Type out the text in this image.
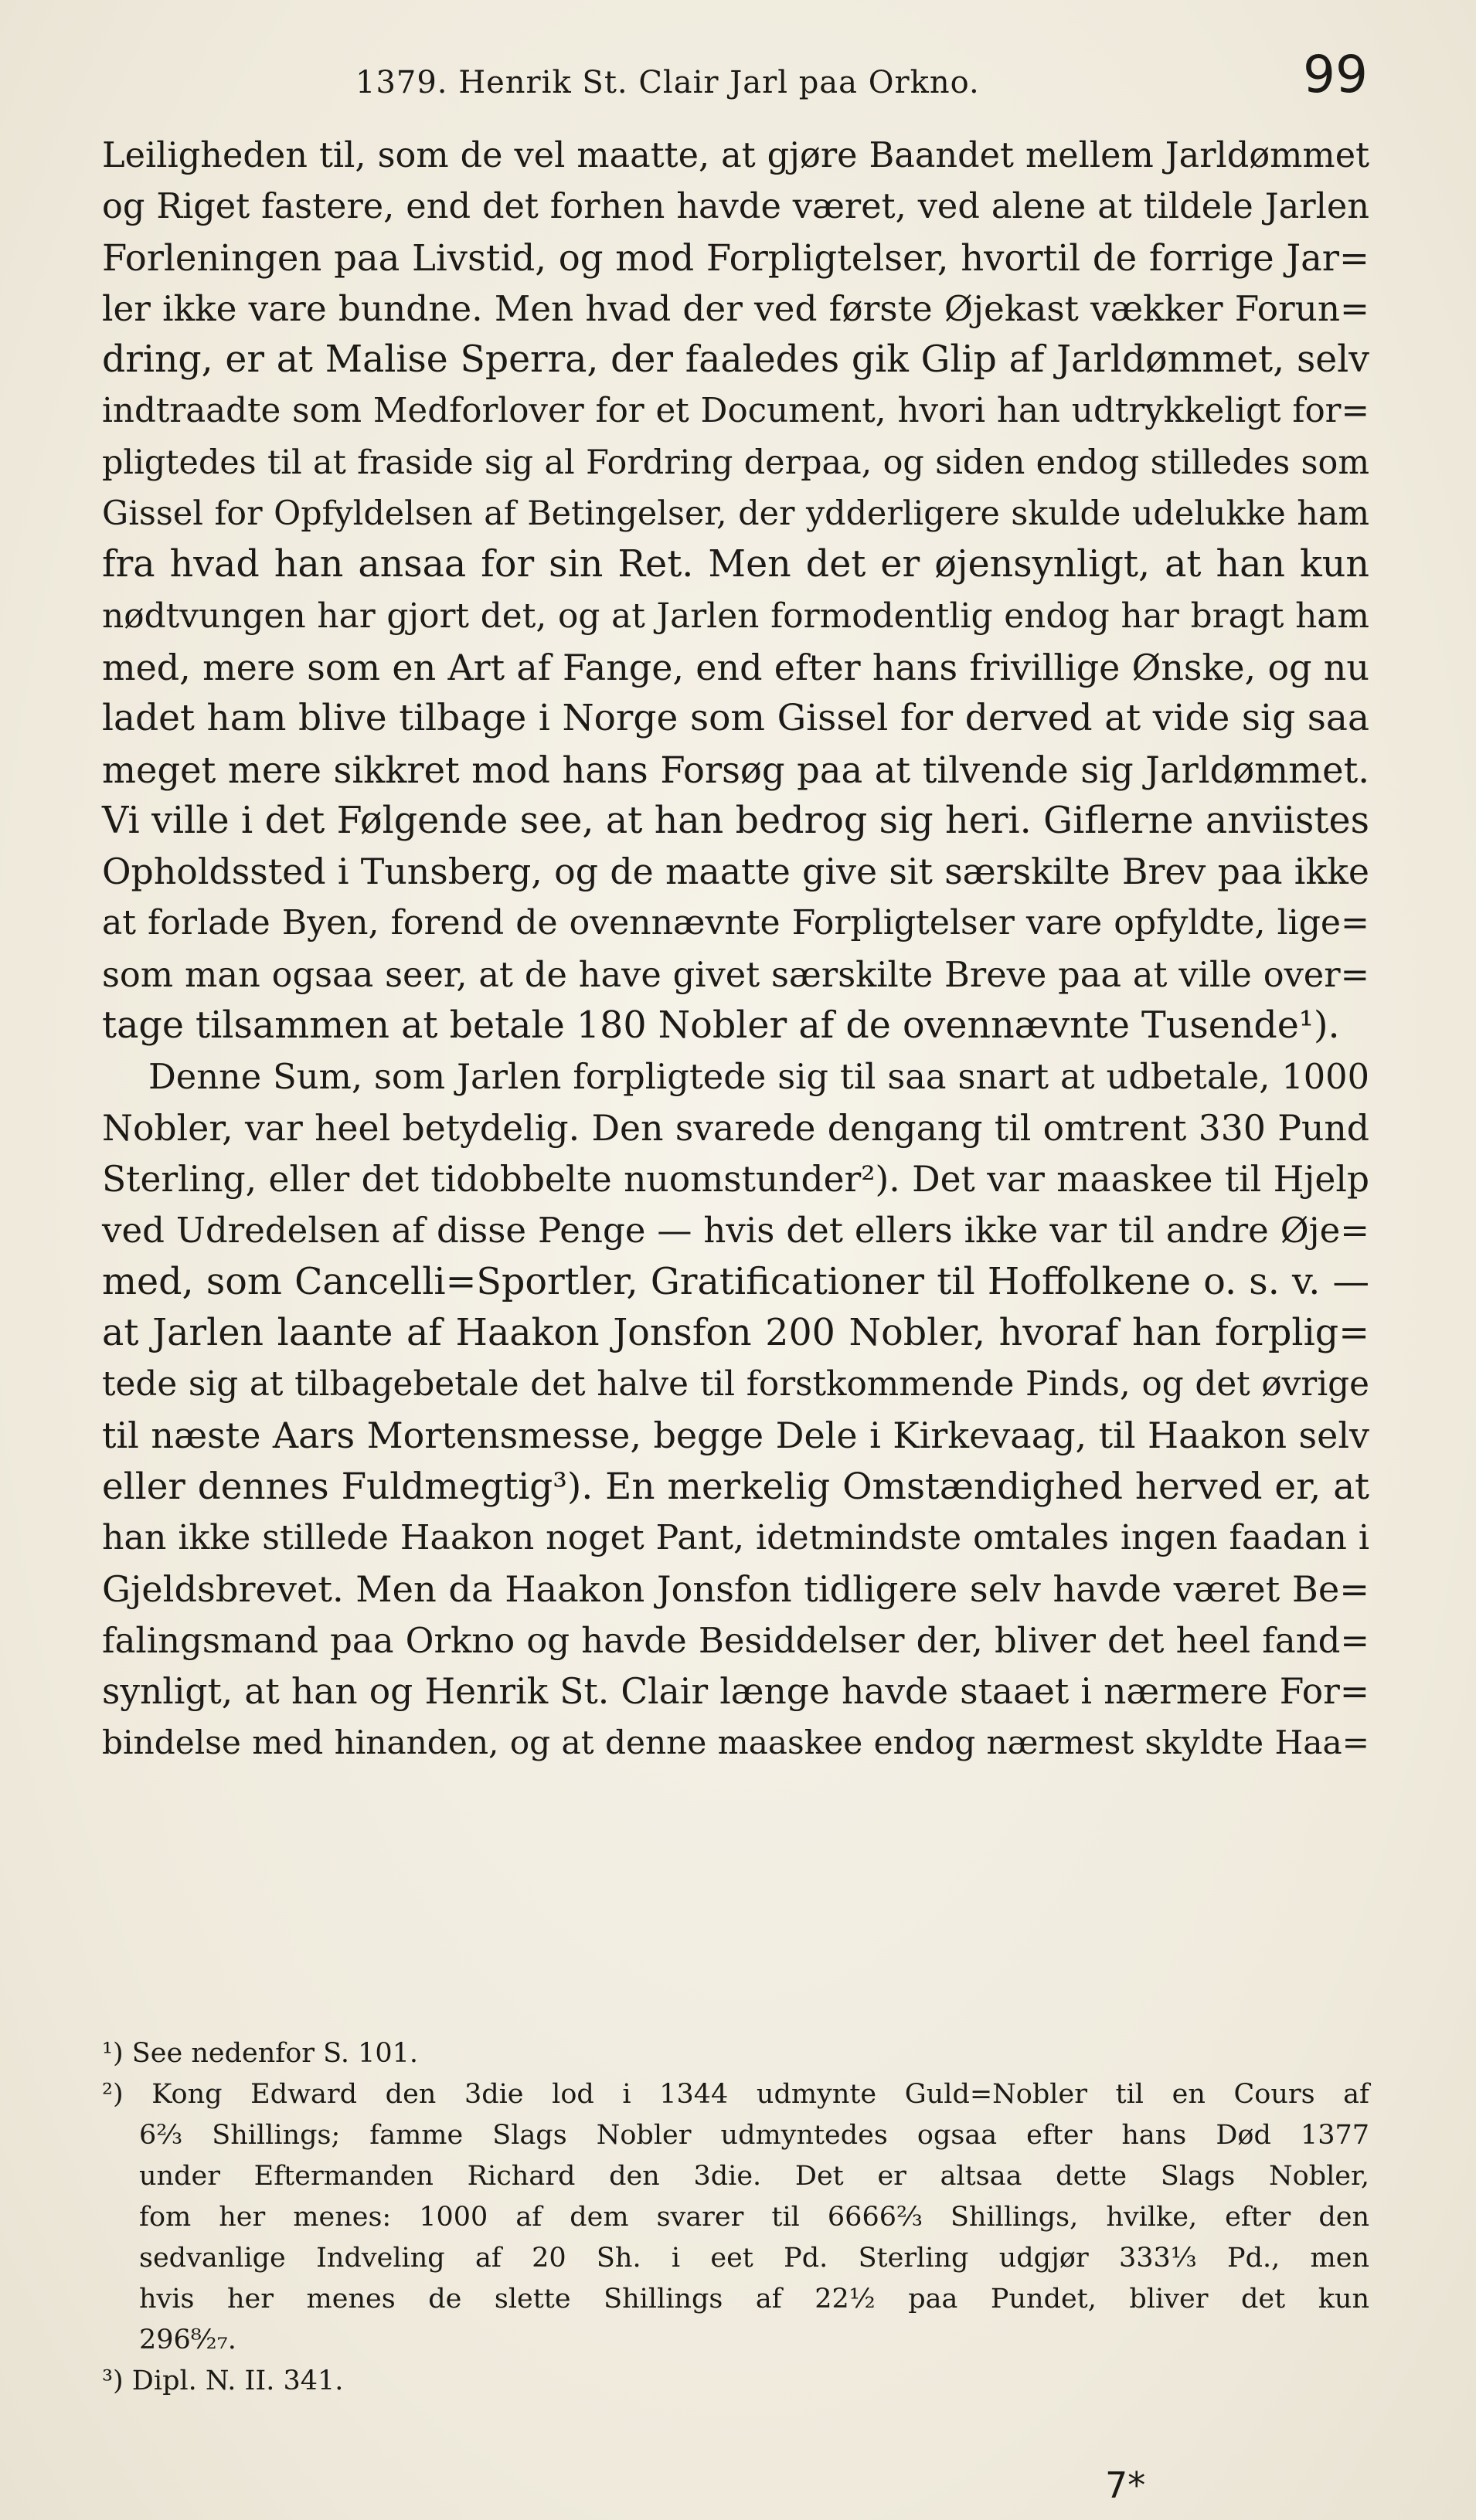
1379. Henrik St. Clair Jarl paa Orkno.	99
Leiligheden til, som de vel maatte, at gjøre Baandet mellem Jarldømmet
og Riget fastere, end det forhen havde været, ved alene at tildele Jarlen
Forleningen paa Livstid, og mod Forpligtelser, hvortil de forrige Jar=
ler ikke vare bundne. Men hvad der ved første Øjekast vækker Forun=
dring, er at Malise Sperra, der faaledes gik Glip af Jarldømmet, selv
indtraadte som Medforlover for et Document, hvori han udtrykkeligt for=
pligtedes til at fraside sig al Fordring derpaa, og siden endog stilledes som
Gissel for Opfyldelsen af Betingelser, der ydderligere skulde udelukke ham
fra hvad han ansaa for sin Ret. Men det er øjensynligt, at han kun
nødtvungen har gjort det, og at Jarlen formodentlig endog har bragt ham
med, mere som en Art af Fange, end efter hans frivillige Ønske, og nu
ladet ham blive tilbage i Norge som Gissel for derved at vide sig saa
meget mere sikkret mod hans Forsøg paa at tilvende sig Jarldømmet.
Vi ville i det Følgende see, at han bedrog sig heri. Giflerne anviistes
Opholdssted i Tunsberg, og de maatte give sit særskilte Brev paa ikke
at forlade Byen, forend de ovennævnte Forpligtelser vare opfyldte, lige=
som man ogsaa seer, at de have givet særskilte Breve paa at ville over=
tage tilsammen at betale 180 Nobler af de ovennævnte Tusende¹).
Denne Sum, som Jarlen forpligtede sig til saa snart at udbetale, 1000
Nobler, var heel betydelig. Den svarede dengang til omtrent 330 Pund
Sterling, eller det tidobbelte nuomstunder²). Det var maaskee til Hjelp
ved Udredelsen af disse Penge — hvis det ellers ikke var til andre Øje=
med, som Cancelli=Sportler, Gratificationer til Hoffolkene o. s. v. —
at Jarlen laante af Haakon Jonsfon 200 Nobler, hvoraf han forplig=
tede sig at tilbagebetale det halve til forstkommende Pinds, og det øvrige
til næste Aars Mortensmesse, begge Dele i Kirkevaag, til Haakon selv
eller dennes Fuldmegtig³). En merkelig Omstændighed herved er, at
han ikke stillede Haakon noget Pant, idetmindste omtales ingen faadan i
Gjeldsbrevet. Men da Haakon Jonsfon tidligere selv havde været Be=
falingsmand paa Orkno og havde Besiddelser der, bliver det heel fand=
synligt, at han og Henrik St. Clair længe havde staaet i nærmere For=
bindelse med hinanden, og at denne maaskee endog nærmest skyldte Haa=
¹) See nedenfor S. 101.
²) Kong Edward den 3die lod i 1344 udmynte Guld=Nobler til en Cours af
6⅔ Shillings; famme Slags Nobler udmyntedes ogsaa efter hans Død 1377
under Eftermanden Richard den 3die. Det er altsaa dette Slags Nobler,
fom her menes: 1000 af dem svarer til 6666⅔ Shillings, hvilke, efter den
sedvanlige Indveling af 20 Sh. i eet Pd. Sterling udgjør 333⅓ Pd., men
hvis her menes de slette Shillings af 22½ paa Pundet, bliver det kun
296⁸⁄₂₇.
³) Dipl. N. II. 341.
7*
